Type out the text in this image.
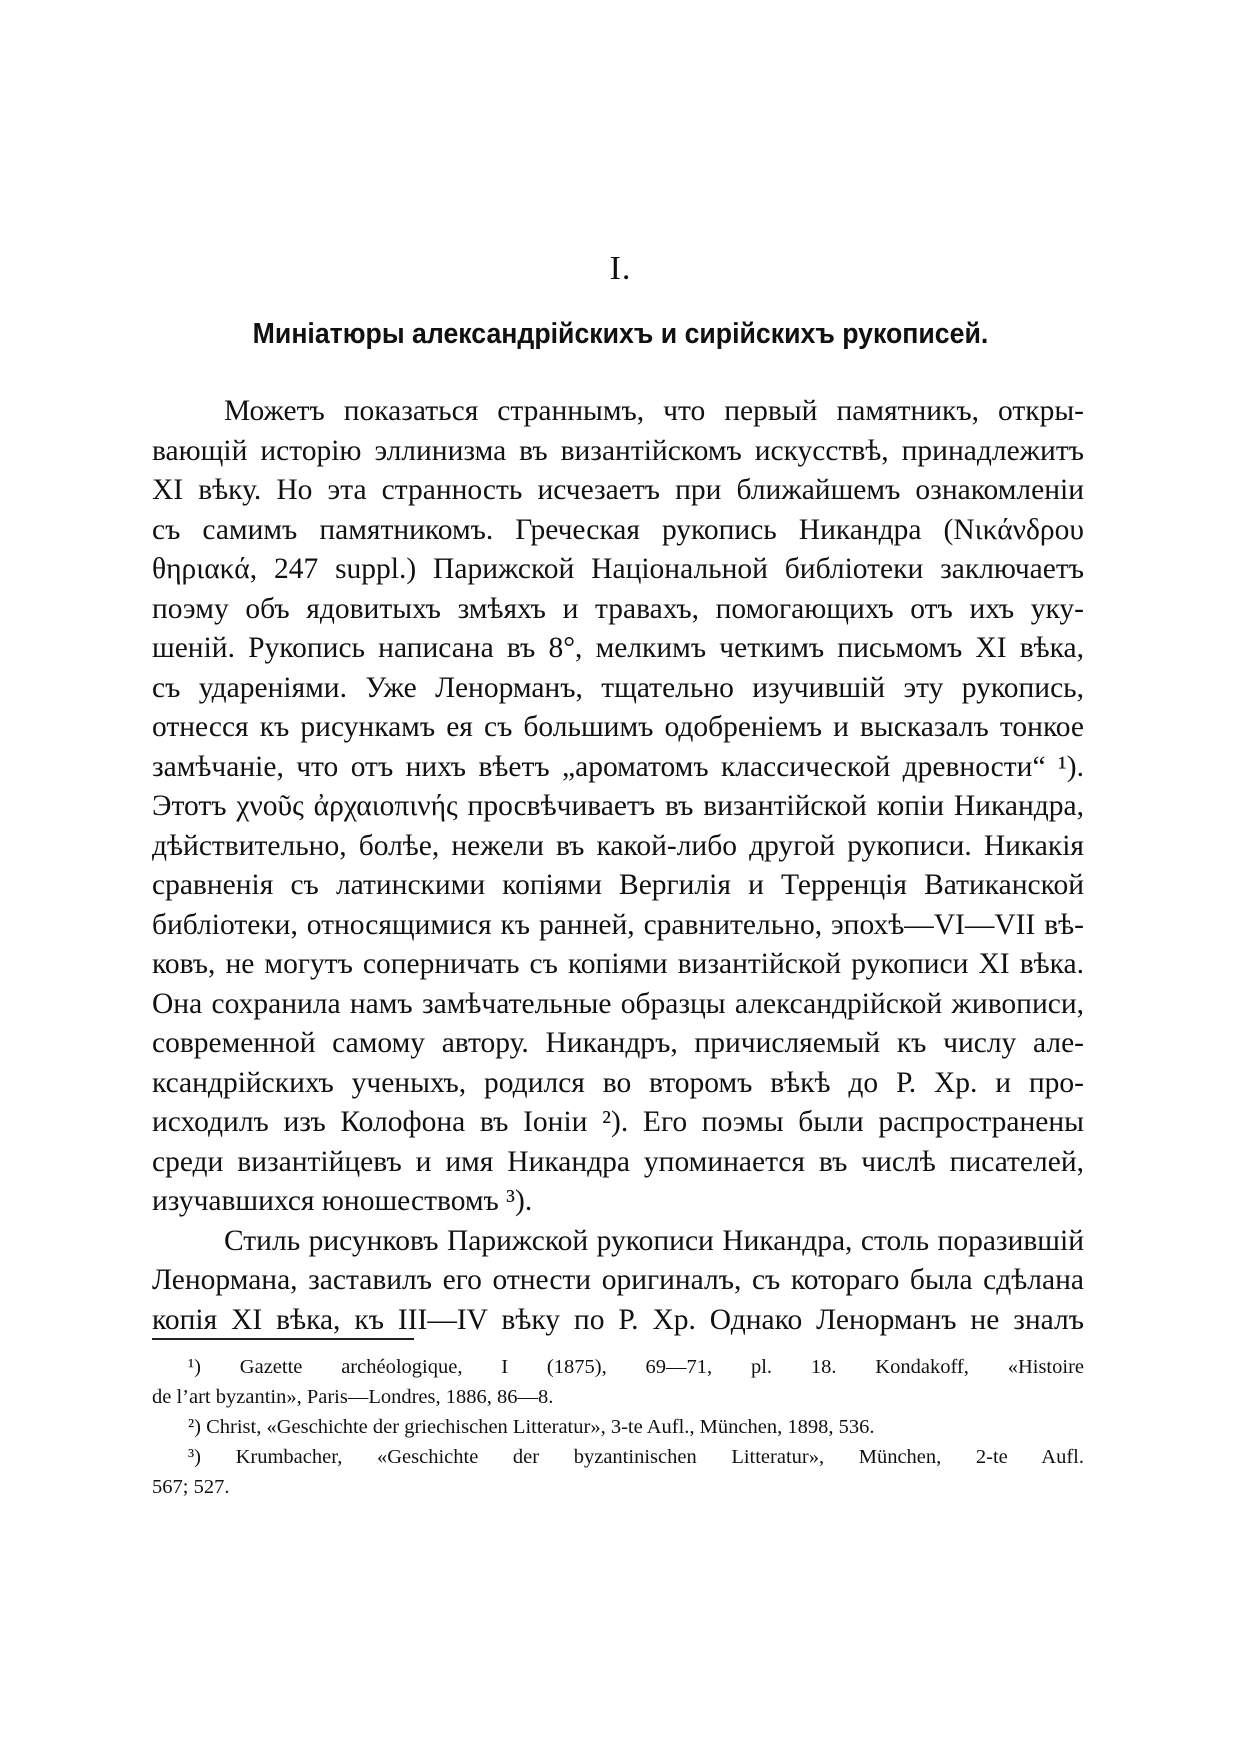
I.
Миніатюры александрійскихъ и сирійскихъ рукописей.
Можетъ показаться страннымъ, что первый памятникъ, откры-
вающій исторію эллинизма въ византійскомъ искусствѣ, принадлежитъ
XI вѣку. Но эта странность исчезаетъ при ближайшемъ ознакомленіи
съ самимъ памятникомъ. Греческая рукопись Никандра (Νικάνδρου
θηριακά, 247 suppl.) Парижской Національной библіотеки заключаетъ
поэму объ ядовитыхъ змѣяхъ и травахъ, помогающихъ отъ ихъ уку-
шеній. Рукопись написана въ 8°, мелкимъ четкимъ письмомъ XI вѣка,
съ удареніями. Уже Ленорманъ, тщательно изучившій эту рукопись,
отнесся къ рисункамъ ея съ большимъ одобреніемъ и высказалъ тонкое
замѣчаніе, что отъ нихъ вѣетъ „ароматомъ классической древности“ ¹).
Этотъ χνοῦς ἀρχαιοπινής просвѣчиваетъ въ византійской копіи Никандра,
дѣйствительно, болѣе, нежели въ какой-либо другой рукописи. Никакія
сравненія съ латинскими копіями Вергилія и Терренція Ватиканской
библіотеки, относящимися къ ранней, сравнительно, эпохѣ—VI—VII вѣ-
ковъ, не могутъ соперничать съ копіями византійской рукописи XI вѣка.
Она сохранила намъ замѣчательные образцы александрійской живописи,
современной самому автору. Никандръ, причисляемый къ числу але-
ксандрійскихъ ученыхъ, родился во второмъ вѣкѣ до Р. Хр. и про-
исходилъ изъ Колофона въ Іоніи ²). Его поэмы были распространены
среди византійцевъ и имя Никандра упоминается въ числѣ писателей,
изучавшихся юношествомъ ³).
Стиль рисунковъ Парижской рукописи Никандра, столь поразившій
Ленормана, заставилъ его отнести оригиналъ, съ котораго была сдѣлана
копія XI вѣка, къ III—IV вѣку по Р. Хр. Однако Ленорманъ не зналъ
¹) Gazette archéologique, I (1875), 69—71, pl. 18. Kondakoff, «Histoire
de l’art byzantin», Paris—Londres, 1886, 86—8.
²) Christ, «Geschichte der griechischen Litteratur», 3-te Aufl., München, 1898, 536.
³) Krumbacher, «Geschichte der byzantinischen Litteratur», München, 2-te Aufl.
567; 527.
